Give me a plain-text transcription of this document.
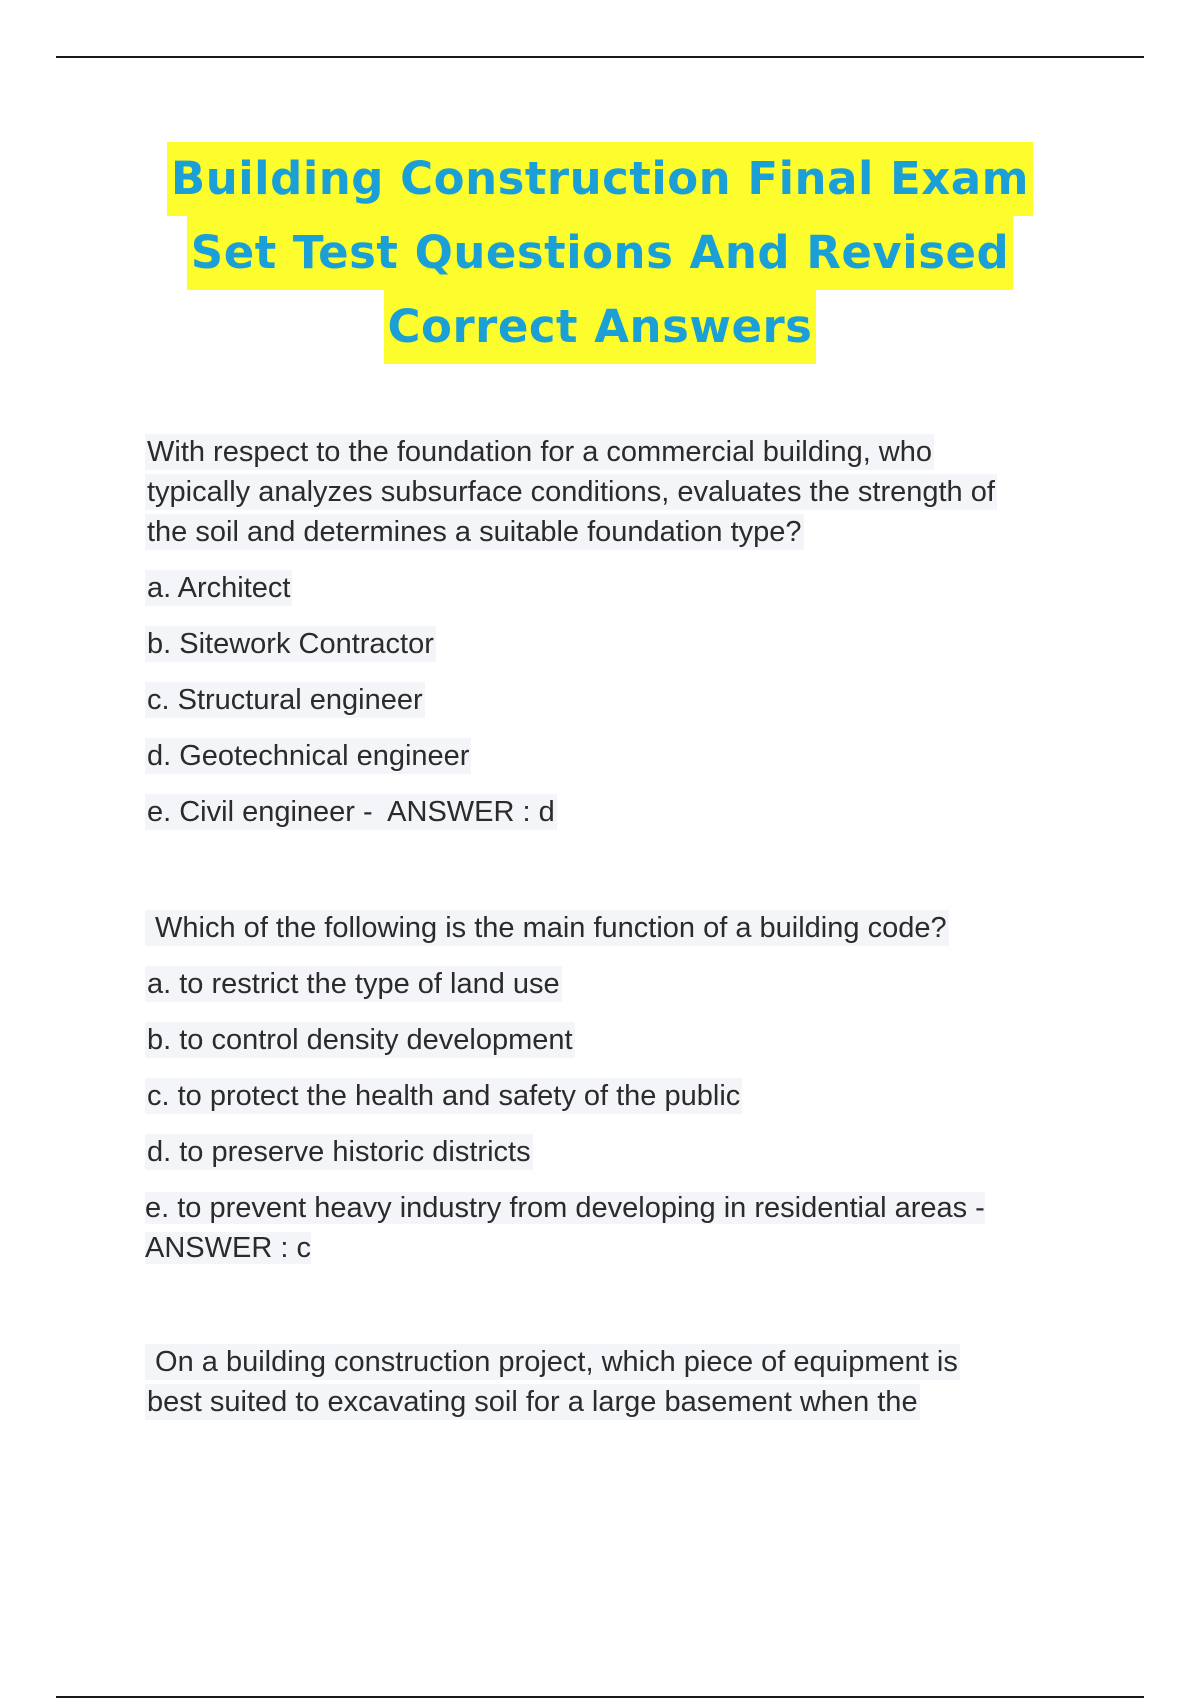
Building Construction Final Exam
Set Test Questions And Revised
Correct Answers
With respect to the foundation for a commercial building, who
typically analyzes subsurface conditions, evaluates the strength of
the soil and determines a suitable foundation type?
a. Architect
b. Sitework Contractor
c. Structural engineer
d. Geotechnical engineer
e. Civil engineer -  ANSWER : d
Which of the following is the main function of a building code?
a. to restrict the type of land use
b. to control density development
c. to protect the health and safety of the public
d. to preserve historic districts
e. to prevent heavy industry from developing in residential areas -
ANSWER : c
On a building construction project, which piece of equipment is
best suited to excavating soil for a large basement when the
